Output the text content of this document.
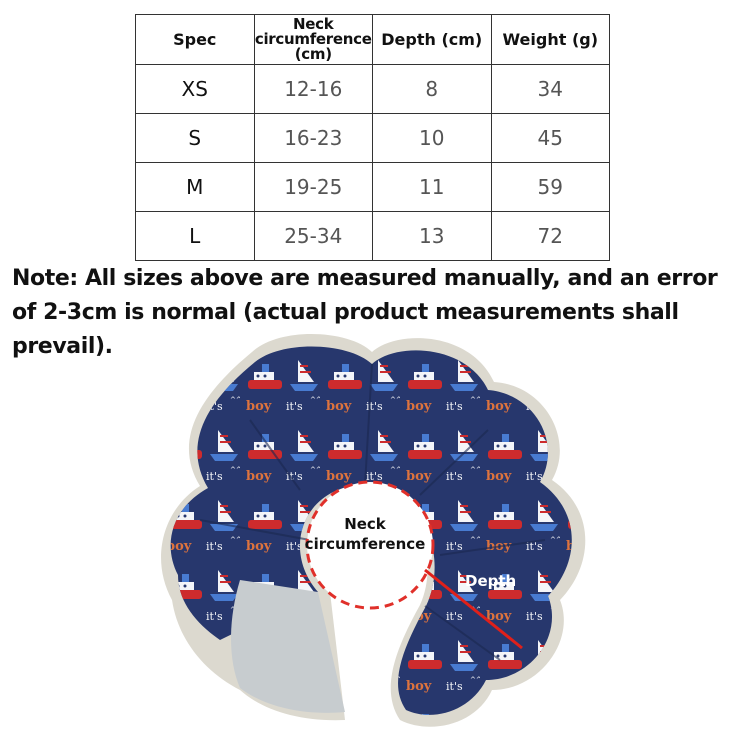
Spec	Neck circumference (cm)	Depth (cm)	Weight (g)
XS	12-16	8	34
S	16-23	10	45
M	19-25	11	59
L	25-34	13	72

Note: All sizes above are measured manually, and an error of 2-3cm is normal (actual product measurements shall prevail).

Neck circumference
Depth
